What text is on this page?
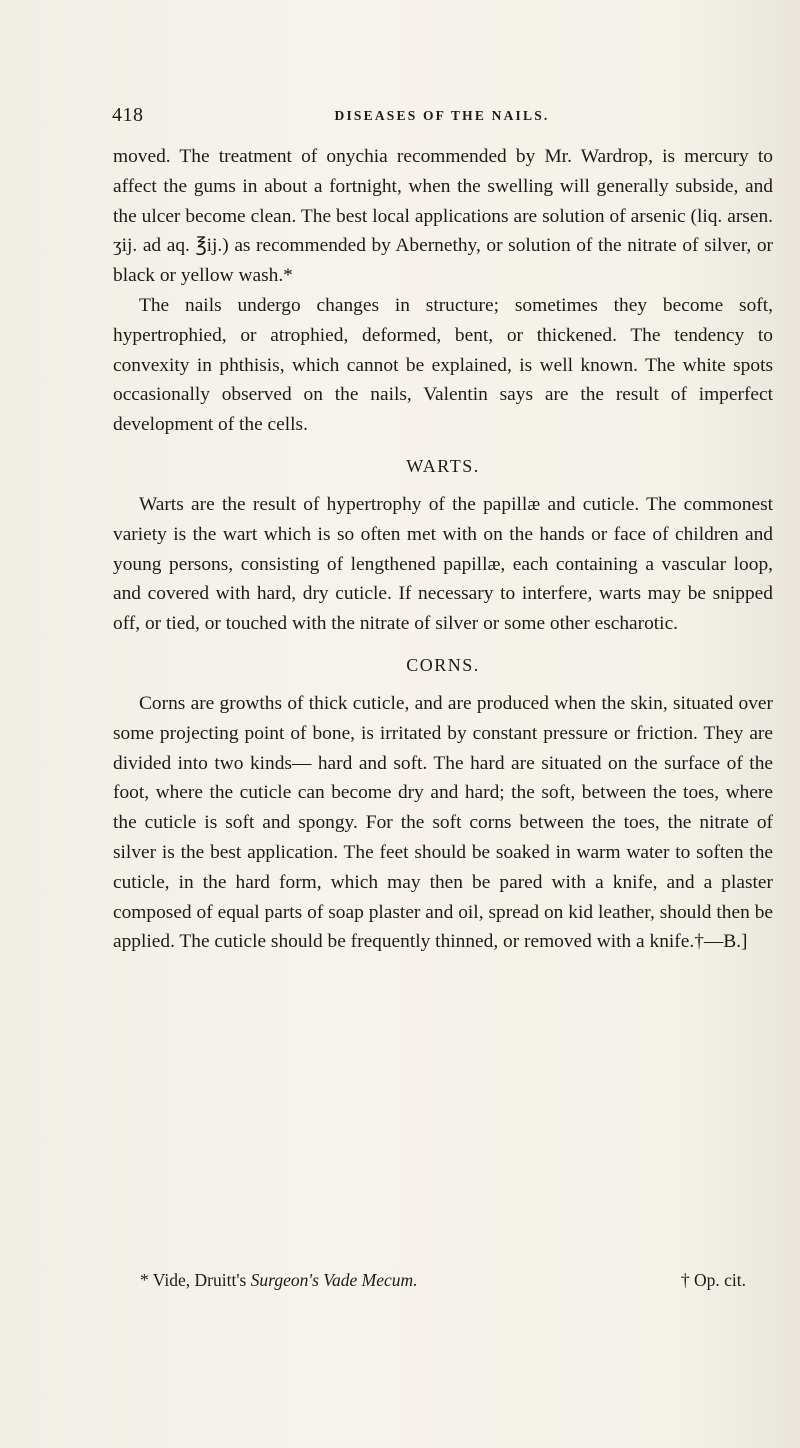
418	DISEASES OF THE NAILS.

moved. The treatment of onychia recommended by Mr. Wardrop, is mercury to affect the gums in about a fortnight, when the swelling will generally subside, and the ulcer become clean. The best local applications are solution of arsenic (liq. arsen. ʒij. ad aq. ℥ij.) as recommended by Abernethy, or solution of the nitrate of silver, or black or yellow wash.*

The nails undergo changes in structure; sometimes they become soft, hypertrophied, or atrophied, deformed, bent, or thickened. The tendency to convexity in phthisis, which cannot be explained, is well known. The white spots occasionally observed on the nails, Valentin says are the result of imperfect development of the cells.

WARTS.

Warts are the result of hypertrophy of the papillæ and cuticle. The commonest variety is the wart which is so often met with on the hands or face of children and young persons, consisting of lengthened papillæ, each containing a vascular loop, and covered with hard, dry cuticle. If necessary to interfere, warts may be snipped off, or tied, or touched with the nitrate of silver or some other escharotic.

CORNS.

Corns are growths of thick cuticle, and are produced when the skin, situated over some projecting point of bone, is irritated by constant pressure or friction. They are divided into two kinds— hard and soft. The hard are situated on the surface of the foot, where the cuticle can become dry and hard; the soft, between the toes, where the cuticle is soft and spongy. For the soft corns between the toes, the nitrate of silver is the best application. The feet should be soaked in warm water to soften the cuticle, in the hard form, which may then be pared with a knife, and a plaster composed of equal parts of soap plaster and oil, spread on kid leather, should then be applied. The cuticle should be frequently thinned, or removed with a knife.†—B.]

* Vide, Druitt's Surgeon's Vade Mecum.	† Op. cit.
